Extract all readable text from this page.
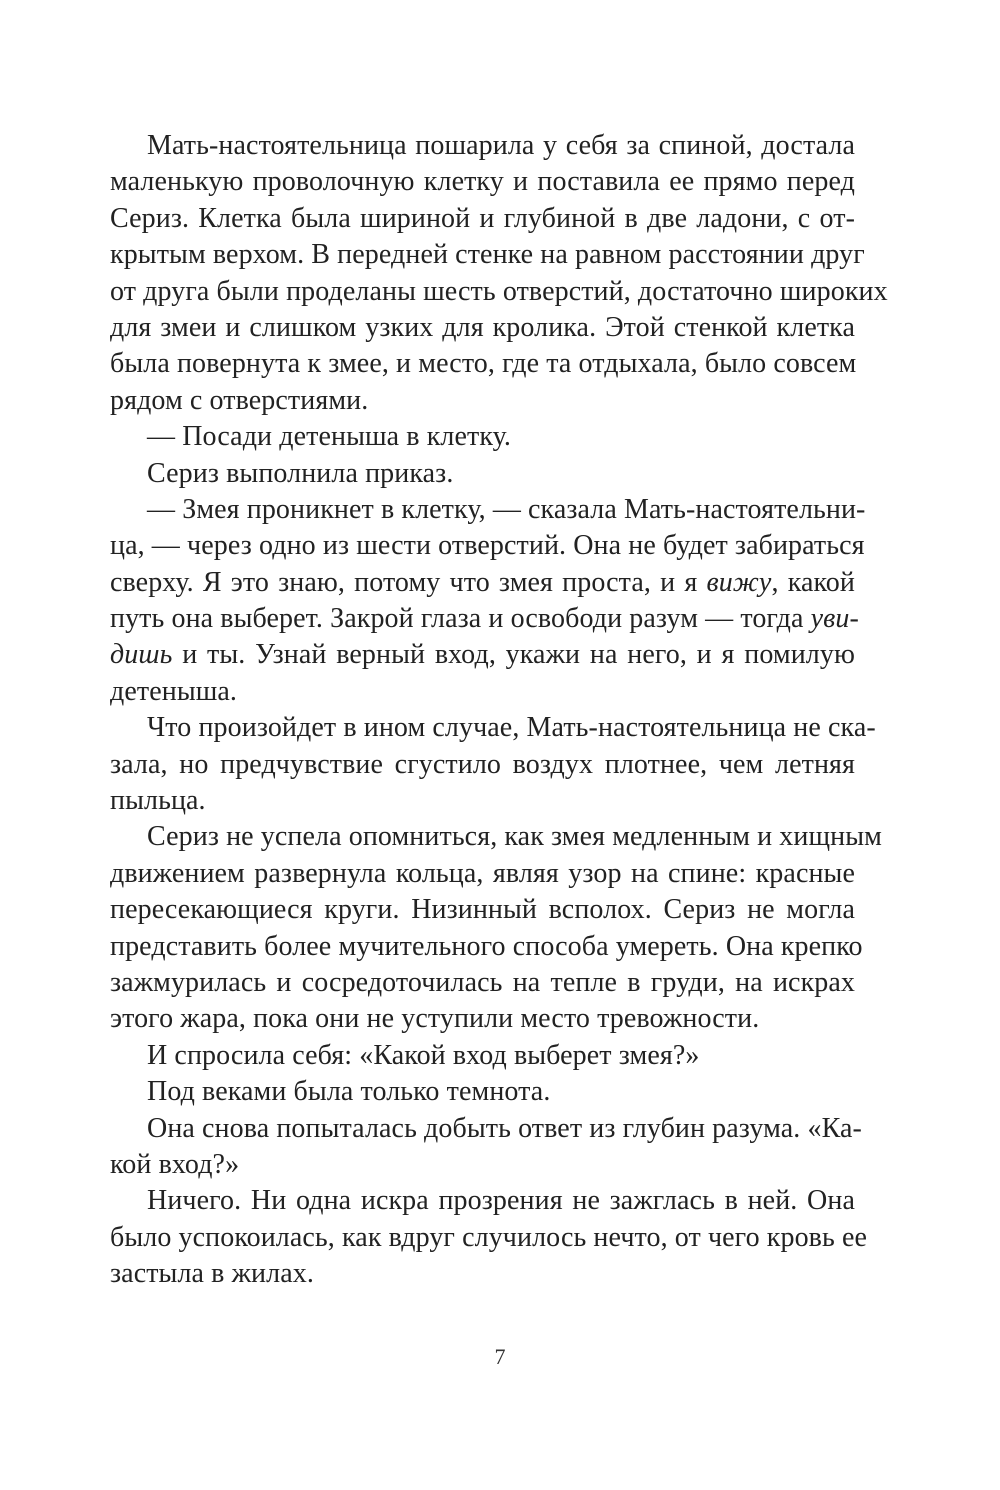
Мать-настоятельница пошарила у себя за спиной, достала
маленькую проволочную клетку и поставила ее прямо перед
Сериз. Клетка была шириной и глубиной в две ладони, с от-
крытым верхом. В передней стенке на равном расстоянии друг
от друга были проделаны шесть отверстий, достаточно широких
для змеи и слишком узких для кролика. Этой стенкой клетка
была повернута к змее, и место, где та отдыхала, было совсем
рядом с отверстиями.
— Посади детеныша в клетку.
Сериз выполнила приказ.
— Змея проникнет в клетку, — сказала Мать-настоятельни-
ца, — через одно из шести отверстий. Она не будет забираться
сверху. Я это знаю, потому что змея проста, и я вижу, какой
путь она выберет. Закрой глаза и освободи разум — тогда уви-
дишь и ты. Узнай верный вход, укажи на него, и я помилую
детеныша.
Что произойдет в ином случае, Мать-настоятельница не ска-
зала, но предчувствие сгустило воздух плотнее, чем летняя
пыльца.
Сериз не успела опомниться, как змея медленным и хищным
движением развернула кольца, являя узор на спине: красные
пересекающиеся круги. Низинный всполох. Сериз не могла
представить более мучительного способа умереть. Она крепко
зажмурилась и сосредоточилась на тепле в груди, на искрах
этого жара, пока они не уступили место тревожности.
И спросила себя: «Какой вход выберет змея?»
Под веками была только темнота.
Она снова попыталась добыть ответ из глубин разума. «Ка-
кой вход?»
Ничего. Ни одна искра прозрения не зажглась в ней. Она
было успокоилась, как вдруг случилось нечто, от чего кровь ее
застыла в жилах.
7
